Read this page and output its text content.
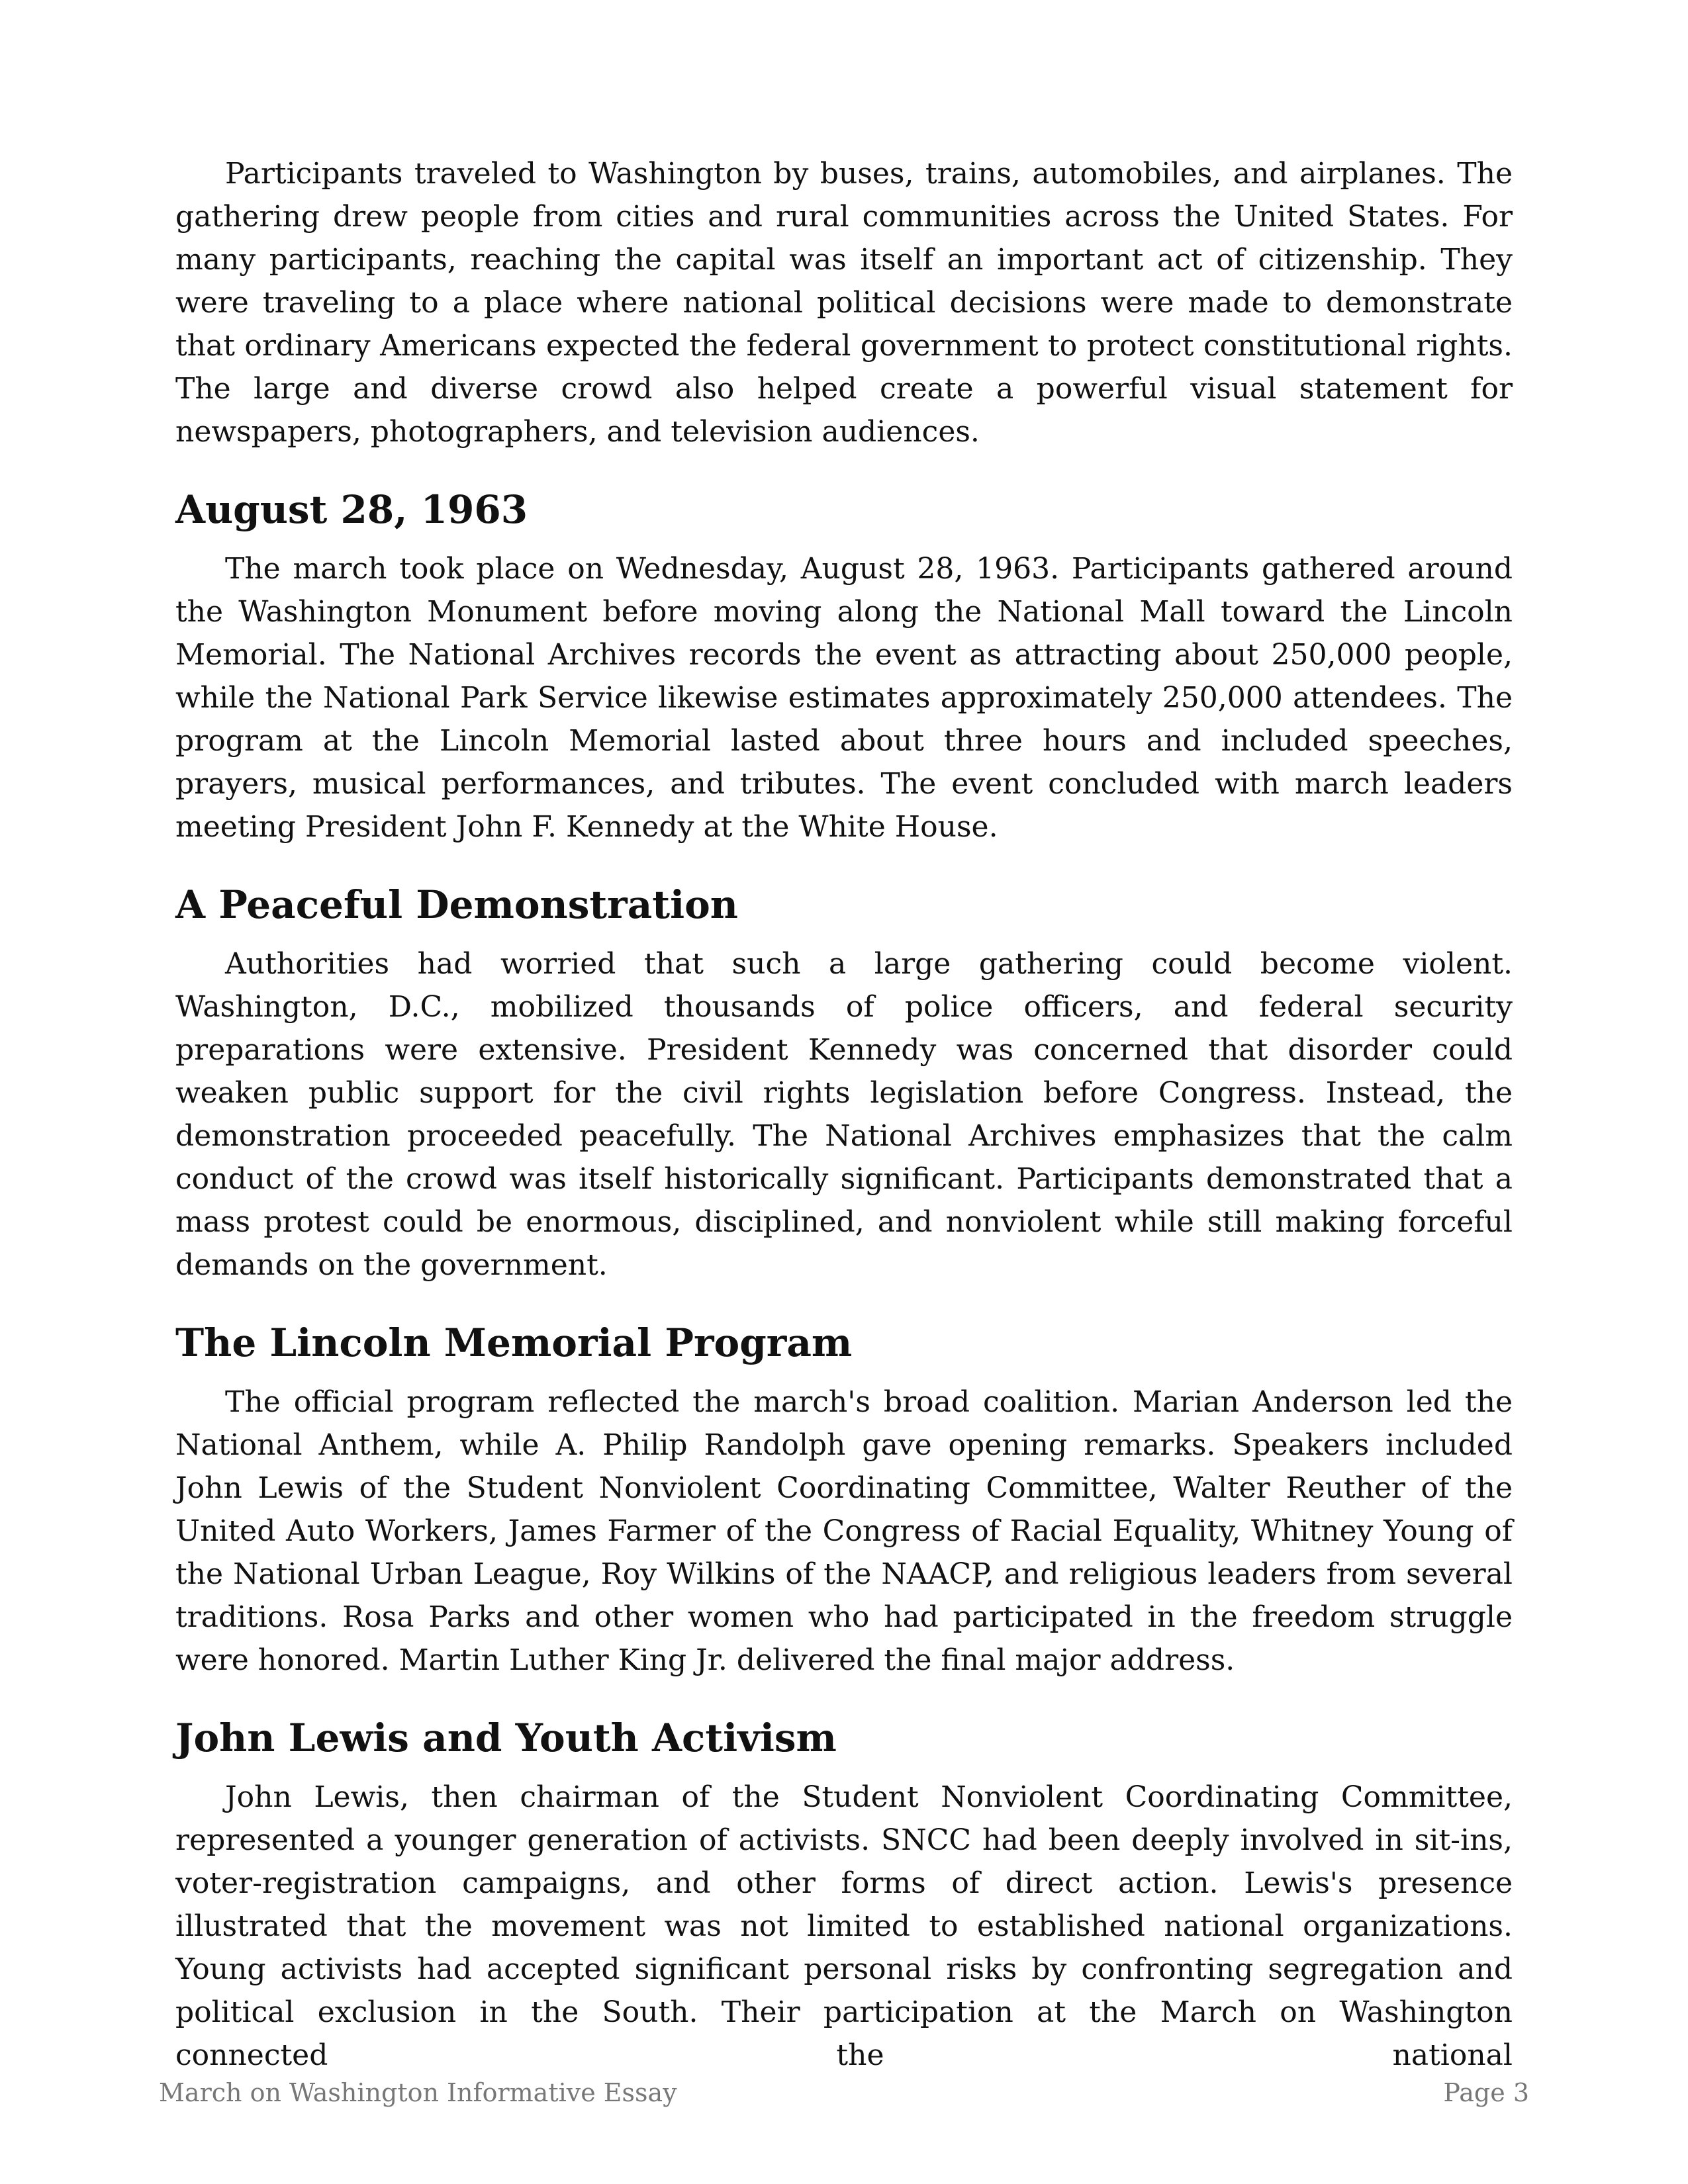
Participants traveled to Washington by buses, trains, automobiles, and airplanes. The gathering drew people from cities and rural communities across the United States. For many participants, reaching the capital was itself an important act of citizenship. They were traveling to a place where national political decisions were made to demonstrate that ordinary Americans expected the federal government to protect constitutional rights. The large and diverse crowd also helped create a powerful visual statement for newspapers, photographers, and television audiences.

August 28, 1963

The march took place on Wednesday, August 28, 1963. Participants gathered around the Washington Monument before moving along the National Mall toward the Lincoln Memorial. The National Archives records the event as attracting about 250,000 people, while the National Park Service likewise estimates approximately 250,000 attendees. The program at the Lincoln Memorial lasted about three hours and included speeches, prayers, musical performances, and tributes. The event concluded with march leaders meeting President John F. Kennedy at the White House.

A Peaceful Demonstration

Authorities had worried that such a large gathering could become violent. Washington, D.C., mobilized thousands of police officers, and federal security preparations were extensive. President Kennedy was concerned that disorder could weaken public support for the civil rights legislation before Congress. Instead, the demonstration proceeded peacefully. The National Archives emphasizes that the calm conduct of the crowd was itself historically significant. Participants demonstrated that a mass protest could be enormous, disciplined, and nonviolent while still making forceful demands on the government.

The Lincoln Memorial Program

The official program reflected the march's broad coalition. Marian Anderson led the National Anthem, while A. Philip Randolph gave opening remarks. Speakers included John Lewis of the Student Nonviolent Coordinating Committee, Walter Reuther of the United Auto Workers, James Farmer of the Congress of Racial Equality, Whitney Young of the National Urban League, Roy Wilkins of the NAACP, and religious leaders from several traditions. Rosa Parks and other women who had participated in the freedom struggle were honored. Martin Luther King Jr. delivered the final major address.

John Lewis and Youth Activism

John Lewis, then chairman of the Student Nonviolent Coordinating Committee, represented a younger generation of activists. SNCC had been deeply involved in sit-ins, voter-registration campaigns, and other forms of direct action. Lewis's presence illustrated that the movement was not limited to established national organizations. Young activists had accepted significant personal risks by confronting segregation and political exclusion in the South. Their participation at the March on Washington connected the national

March on Washington Informative Essay	Page 3
